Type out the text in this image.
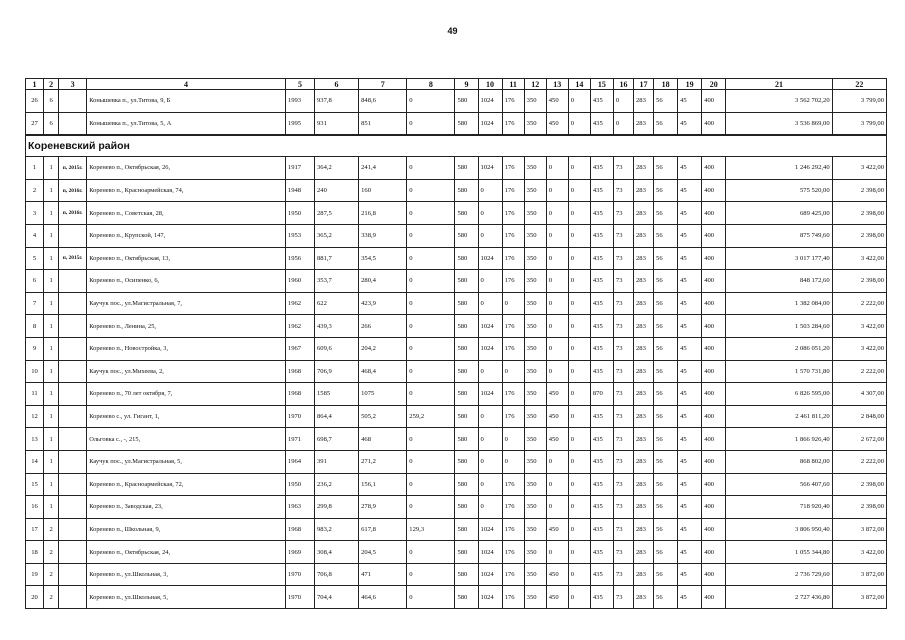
49
1	2	3	4	5	6	7	8	9	10	11	12	13	14	15	16	17	18	19	20	21	22
26	6		Конышевка п., ул.Титова, 9, Б	1993	937,8	848,6	0	580	1024	176	350	450	0	435	0	283	56	45	400	3 562 702,20	3 799,00
27	6		Конышевка п., ул.Титова, 5, А	1995	931	851	0	580	1024	176	350	450	0	435	0	283	56	45	400	3 536 869,00	3 799,00
Кореневский район																					
1	1	п, 2015г.	Коренево п., Октябрьская, 26,	1917	364,2	241,4	0	580	1024	176	350	0	0	435	73	283	56	45	400	1 246 292,40	3 422,00
2	1	п, 2016г.	Коренево п., Красноармейская, 74,	1948	240	160	0	580	0	176	350	0	0	435	73	283	56	45	400	575 520,00	2 398,00
3	1	п, 2016г.	Коренево п., Советская, 28,	1950	287,5	216,8	0	580	0	176	350	0	0	435	73	283	56	45	400	689 425,00	2 398,00
4	1		Коренево п., Крупской, 147,	1953	365,2	338,9	0	580	0	176	350	0	0	435	73	283	56	45	400	875 749,60	2 398,00
5	1	п, 2015г.	Коренево п., Октябрьская, 13,	1956	881,7	354,5	0	580	1024	176	350	0	0	435	73	283	56	45	400	3 017 177,40	3 422,00
6	1		Коренево п., Осипенко, 6,	1960	353,7	280,4	0	580	0	176	350	0	0	435	73	283	56	45	400	848 172,60	2 398,00
7	1		Каучук пос., ул.Магистральная, 7,	1962	622	423,9	0	580	0	0	350	0	0	435	73	283	56	45	400	1 382 084,00	2 222,00
8	1		Коренево п., Ленина, 25,	1962	439,3	266	0	580	1024	176	350	0	0	435	73	283	56	45	400	1 503 284,60	3 422,00
9	1		Коренево п., Новостройка, 3,	1967	609,6	204,2	0	580	1024	176	350	0	0	435	73	283	56	45	400	2 086 051,20	3 422,00
10	1		Каучук пос., ул.Михеева, 2,	1968	706,9	468,4	0	580	0	0	350	0	0	435	73	283	56	45	400	1 570 731,80	2 222,00
11	1		Коренево п., 70 лет октября, 7,	1968	1585	1075	0	580	1024	176	350	450	0	870	73	283	56	45	400	6 826 595,00	4 307,00
12	1		Коренево с., ул. Гигант, 1,	1970	864,4	505,2	259,2	580	0	176	350	450	0	435	73	283	56	45	400	2 461 811,20	2 848,00
13	1		Ольговка с., -, 215,	1971	698,7	468	0	580	0	0	350	450	0	435	73	283	56	45	400	1 866 926,40	2 672,00
14	1		Каучук пос., ул.Магистральная, 5,	1964	391	271,2	0	580	0	0	350	0	0	435	73	283	56	45	400	868 802,00	2 222,00
15	1		Коренево п., Красноармейская, 72,	1950	236,2	156,1	0	580	0	176	350	0	0	435	73	283	56	45	400	566 407,60	2 398,00
16	1		Коренево п., Заводская, 23,	1963	299,8	278,9	0	580	0	176	350	0	0	435	73	283	56	45	400	718 920,40	2 398,00
17	2		Коренево п., Школьная, 9,	1968	983,2	617,8	129,3	580	1024	176	350	450	0	435	73	283	56	45	400	3 806 950,40	3 872,00
18	2		Коренево п., Октябрьская, 24,	1969	308,4	204,5	0	580	1024	176	350	0	0	435	73	283	56	45	400	1 055 344,80	3 422,00
19	2		Коренево п., ул.Школьная, 3,	1970	706,8	471	0	580	1024	176	350	450	0	435	73	283	56	45	400	2 736 729,60	3 872,00
20	2		Коренево п., ул.Школьная, 5,	1970	704,4	464,6	0	580	1024	176	350	450	0	435	73	283	56	45	400	2 727 436,80	3 872,00
